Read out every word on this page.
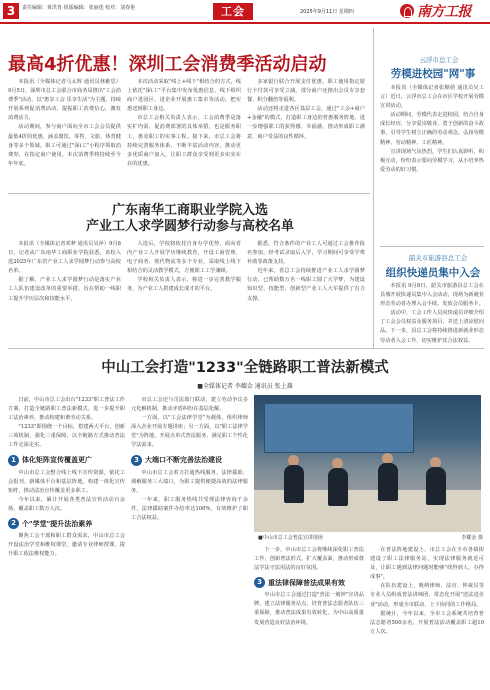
3	责任编辑：黄洪育 组版编辑：张丽莲 校对：刘春艳	工会	2025年9月11日 星期四	南方工报
最高4折优惠！深圳工会消费季活动启动

本报讯（全媒体记者马太辉 通讯员林雅思）9月5日，深圳市总工会联合市商务局推出"工会消费季"活动，以"惠享工会 乐享生活"为主题，持续开展系列促消费活动，提振职工消费信心，激发消费活力。

活动期间，参与商户面向全市工会会员提供最低4折的优惠，涵盖餐饮、零售、文旅、体育健身等多个领域。职工可通过"深i工"小程序领取消费券，在指定商户使用。本次消费季将持续至今年年底。

本次活动采取"线上+线下"相结合的方式，线上依托"深i工"平台集中发布优惠信息，线下组织商户进园区、进企业开展惠工集市等活动，把实惠送到职工身边。

市总工会相关负责人表示，工会消费季是落实扩内需、促消费部署的具体举措，也是服务职工、惠及职工的实事工程。接下来，市总工会将持续完善服务体系，不断丰富活动内容，推动更多优质商户加入，让职工群众享受到更多实实在在的优惠。

多家银行联合开展支付优惠，职工使用指定银行卡付款可享受立减。部分商户还推出会员专享套餐、积分翻倍等福利。

活动还将走进各区基层工会，通过"工会+商户+金融"的模式，打造职工身边的普惠服务阵地，进一步增强职工的获得感、幸福感，推动形成职工满意、商户受益的良性循环。

云浮市总工会
劳模进校园"网"事

本报讯（全媒体记者张顺倩 通讯员吴工言）近日，云浮市总工会在市区学校开展劳模宣讲活动。

活动期间，劳模代表走进校园，结合自身成长经历，分享爱岗敬业、勇于创新的奋斗故事，引导学生树立正确的劳动观念，弘扬劳模精神、劳动精神、工匠精神。

宣讲现场气氛热烈，学生们认真聆听，积极互动，纷纷表示要向劳模学习，从小培养热爱劳动的好习惯。

韶关市旅游县总工会
组织快递员集中入会

本报讯 9月8日，韶关市旅游县总工会在县城开展快递员集中入会活动，现场为新就业形态劳动者办理入会手续，发放会员服务卡。

活动中，工会工作人员向快递员详细介绍了工会会员权益及服务项目，并送上清凉慰问品。下一步，县总工会将持续推进新就业形态劳动者入会工作，切实维护其合法权益。

广东南华工商职业学院入选
产业工人求学圆梦行动参与高校名单

本报讯（全媒体记者邓梦 通讯员吴萍）9月8日，记者从广东南华工商职业学院获悉，该校入选2025年广东省产业工人求学圆梦行动参与高校名单。

据了解，产业工人求学圆梦行动是落实产业工人队伍建设改革的重要举措，旨在帮助一线职工提升学历层次和技能水平。

入选后，学校将依托自身办学优势，面向省内产业工人开展学历继续教育，开设工商管理、电子商务、现代物流等多个专业，采取线上线下相结合的灵活教学模式，方便职工工学兼顾。

学校相关负责人表示，将进一步完善教学服务，为产业工人搭建成长成才的平台。

据悉，符合条件的产业工人可通过工会推荐报名参加，经考试录取后入学，学习期间可享受学费补助等政策支持。

近年来，省总工会持续推进产业工人求学圆梦行动，已帮助数万名一线职工圆了大学梦，为建设知识型、技能型、创新型产业工人大军提供了有力支撑。

中山工会打造"1233"全链路职工普法新模式
■全媒体记者 李耀金 通讯员 张上雄

日前，中山市总工会出台"1233"职工普法工作方案，打造全链路职工普法新模式，进一步提升职工法治素养，推动构建和谐劳动关系。

"1233"即围绕一个目标，搭建两大平台，创新三项机制，强化三重保障，以全链路方式推动普法工作走深走实。

1 体化矩阵宣传覆盖更广

中山市总工会整合线上线下宣传资源，依托工会报刊、新媒体平台和基层阵地，构建一体化宣传矩阵，推动法治宣传覆盖更多职工。

今年以来，累计开展各类普法宣传活动百余场，覆盖职工数万人次。

2 个"学堂"提升法治素养

聚焦工会干部和职工群众需求，中山市总工会开设法治学堂和维权课堂，邀请专业律师授课，提升职工依法维权能力。

市总工会还与司法部门联动，建立劳动争议多元化解机制，推动矛盾纠纷在基层化解。

一方面，以"工会法律学堂"为载体，组织律师深入企业开展专题讲座；另一方面，以"职工法律学堂"为阵地，开展点单式普法服务，满足职工个性化学法需求。

3 大端口不断完善法治建设

中山市总工会着力打通热线服务、法律援助、调解服务三大端口，为职工提供便捷高效的法律服务。

一年来，职工服务热线共受理法律咨询千余件，法律援助案件办结率达100%，有效维护了职工合法权益。

■中山市总工会普法宣讲现场	李耀金 摄

下一步，中山市总工会将继续深化职工普法工作，创新普法形式，扩大覆盖面，推动形成尊法学法守法用法的良好氛围。

3 重法律保障普法成果有效

中山市总工会通过打造"普法一刻钟"宣讲品牌、建立法律服务站点、培育普法志愿者队伍三重保障，推动普法成果有效转化，为中山高质量发展营造良好法治环境。

在普法阵地建设上，市总工会在全市各镇街建设了职工法律服务站，实现法律服务就近可及，让职工遇到法律问题时能够"找得到人、办得成事"。

在队伍建设上，吸纳律师、法官、仲裁员等专业人员组成普法讲师团，常态化开展"送法进企业"活动，形成全市联动、上下协同的工作格局。

据统计，今年以来，全市工会系统共培育普法志愿者500余名，开展普法活动覆盖职工超10万人次。
